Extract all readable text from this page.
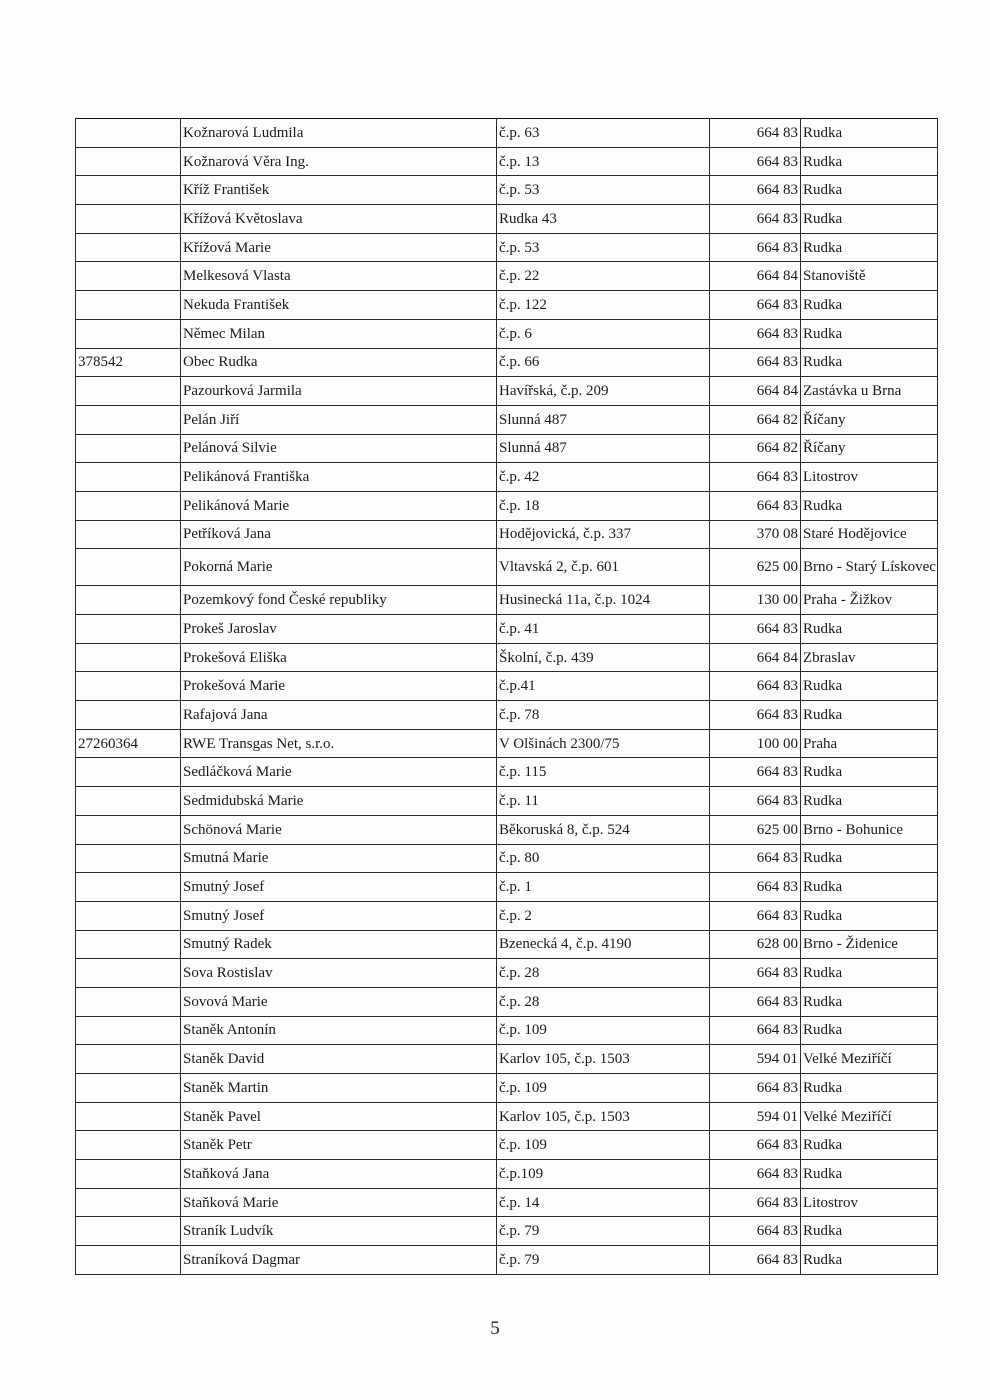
	Kožnarová Ludmila	č.p. 63	664 83	Rudka
	Kožnarová Věra Ing.	č.p. 13	664 83	Rudka
	Kříž František	č.p. 53	664 83	Rudka
	Křížová Květoslava	Rudka 43	664 83	Rudka
	Křížová Marie	č.p. 53	664 83	Rudka
	Melkesová Vlasta	č.p. 22	664 84	Stanoviště
	Nekuda František	č.p. 122	664 83	Rudka
	Němec Milan	č.p. 6	664 83	Rudka
378542	Obec Rudka	č.p. 66	664 83	Rudka
	Pazourková Jarmila	Havířská, č.p. 209	664 84	Zastávka u Brna
	Pelán Jiří	Slunná 487	664 82	Říčany
	Pelánová Silvie	Slunná 487	664 82	Říčany
	Pelikánová Františka	č.p. 42	664 83	Litostrov
	Pelikánová Marie	č.p. 18	664 83	Rudka
	Petříková Jana	Hodějovická, č.p. 337	370 08	Staré Hodějovice
	Pokorná Marie	Vltavská 2, č.p. 601	625 00	Brno - Starý Lískovec
	Pozemkový fond České republiky	Husinecká 11a, č.p. 1024	130 00	Praha - Žižkov
	Prokeš Jaroslav	č.p. 41	664 83	Rudka
	Prokešová Eliška	Školní, č.p. 439	664 84	Zbraslav
	Prokešová Marie	č.p.41	664 83	Rudka
	Rafajová Jana	č.p. 78	664 83	Rudka
27260364	RWE Transgas Net, s.r.o.	V Olšinách 2300/75	100 00	Praha
	Sedláčková Marie	č.p. 115	664 83	Rudka
	Sedmidubská Marie	č.p. 11	664 83	Rudka
	Schönová Marie	Běkoruská 8, č.p. 524	625 00	Brno - Bohunice
	Smutná Marie	č.p. 80	664 83	Rudka
	Smutný Josef	č.p. 1	664 83	Rudka
	Smutný Josef	č.p. 2	664 83	Rudka
	Smutný Radek	Bzenecká 4, č.p. 4190	628 00	Brno - Židenice
	Sova Rostislav	č.p. 28	664 83	Rudka
	Sovová Marie	č.p. 28	664 83	Rudka
	Staněk Antonín	č.p. 109	664 83	Rudka
	Staněk David	Karlov 105, č.p. 1503	594 01	Velké Meziříčí
	Staněk Martin	č.p. 109	664 83	Rudka
	Staněk Pavel	Karlov 105, č.p. 1503	594 01	Velké Meziříčí
	Staněk Petr	č.p. 109	664 83	Rudka
	Staňková Jana	č.p.109	664 83	Rudka
	Staňková Marie	č.p. 14	664 83	Litostrov
	Straník Ludvík	č.p. 79	664 83	Rudka
	Straníková Dagmar	č.p. 79	664 83	Rudka
5
